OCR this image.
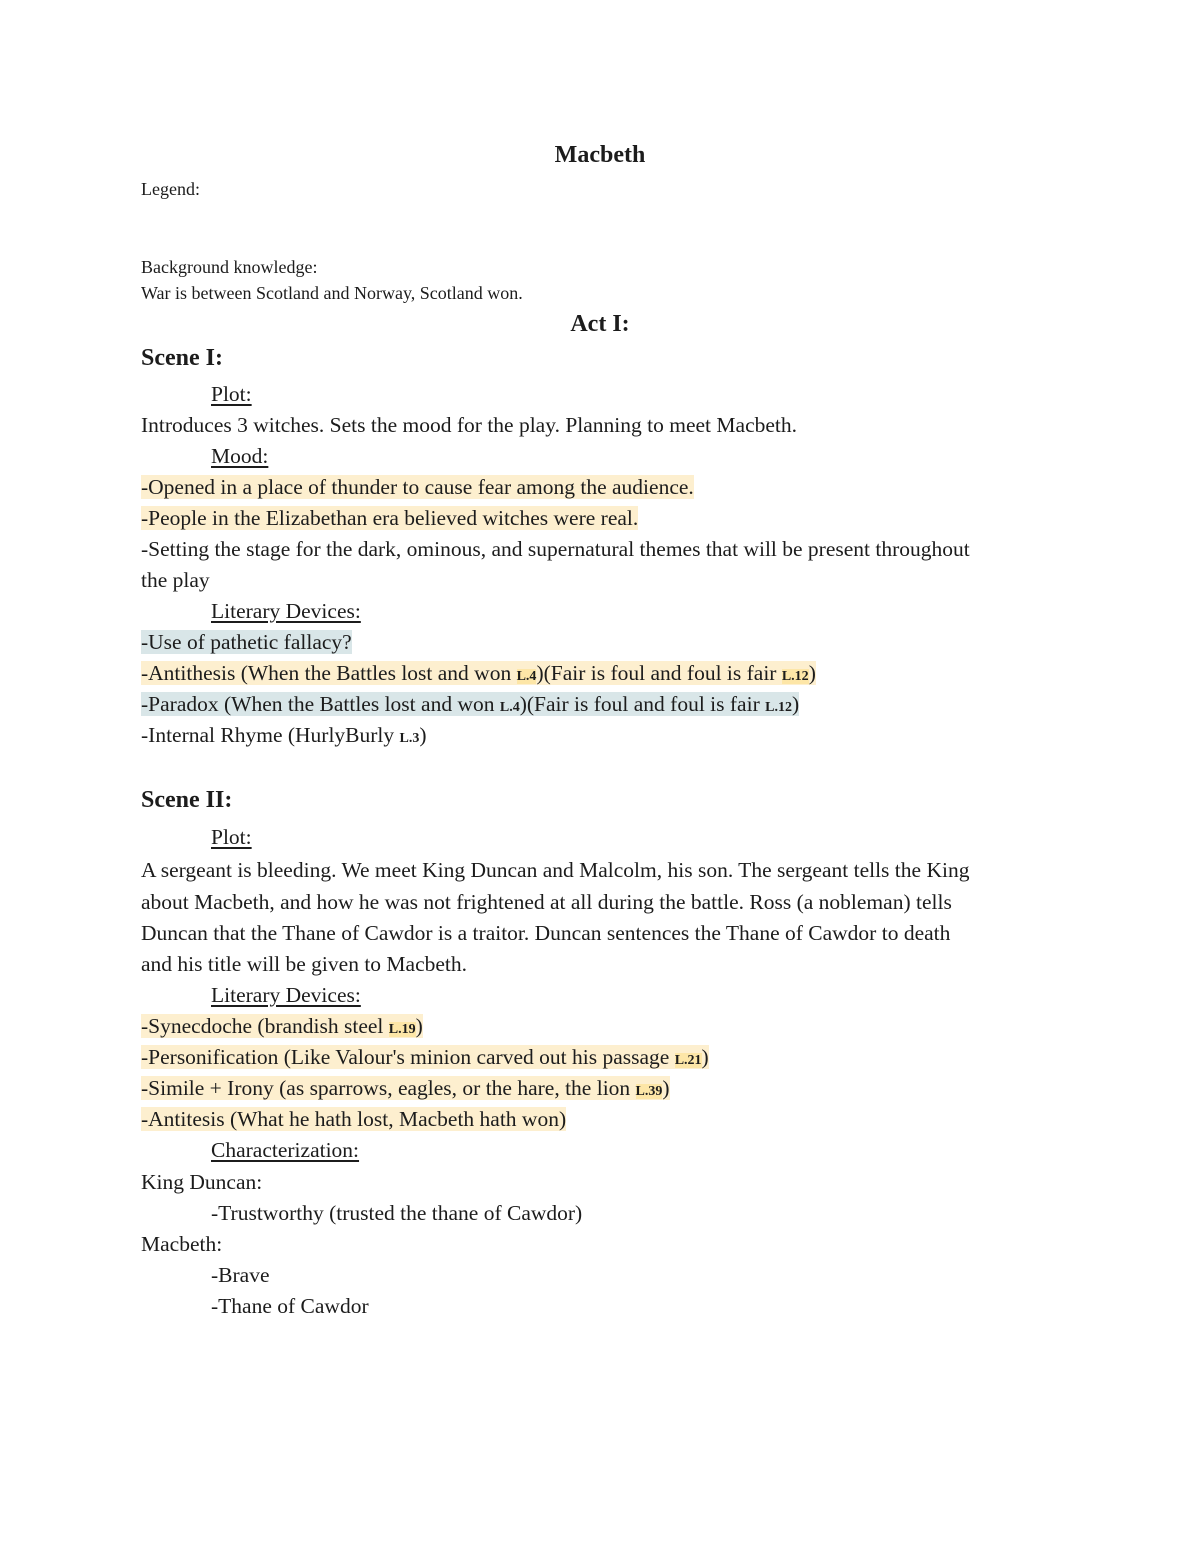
Macbeth
Legend:
Background knowledge:
War is between Scotland and Norway, Scotland won.
Act I:
Scene I:
Plot:
Introduces 3 witches. Sets the mood for the play. Planning to meet Macbeth.
Mood:
-Opened in a place of thunder to cause fear among the audience.
-People in the Elizabethan era believed witches were real.
-Setting the stage for the dark, ominous, and supernatural themes that will be present throughout
the play
Literary Devices:
-Use of pathetic fallacy?
-Antithesis (When the Battles lost and won L.4)(Fair is foul and foul is fair L.12)
-Paradox (When the Battles lost and won L.4)(Fair is foul and foul is fair L.12)
-Internal Rhyme (HurlyBurly L.3)
Scene II:
Plot:
A sergeant is bleeding. We meet King Duncan and Malcolm, his son. The sergeant tells the King
about Macbeth, and how he was not frightened at all during the battle. Ross (a nobleman) tells
Duncan that the Thane of Cawdor is a traitor. Duncan sentences the Thane of Cawdor to death
and his title will be given to Macbeth.
Literary Devices:
-Synecdoche (brandish steel L.19)
-Personification (Like Valour's minion carved out his passage L.21)
-Simile + Irony (as sparrows, eagles, or the hare, the lion L.39)
-Antitesis (What he hath lost, Macbeth hath won)
Characterization:
King Duncan:
-Trustworthy (trusted the thane of Cawdor)
Macbeth:
-Brave
-Thane of Cawdor
